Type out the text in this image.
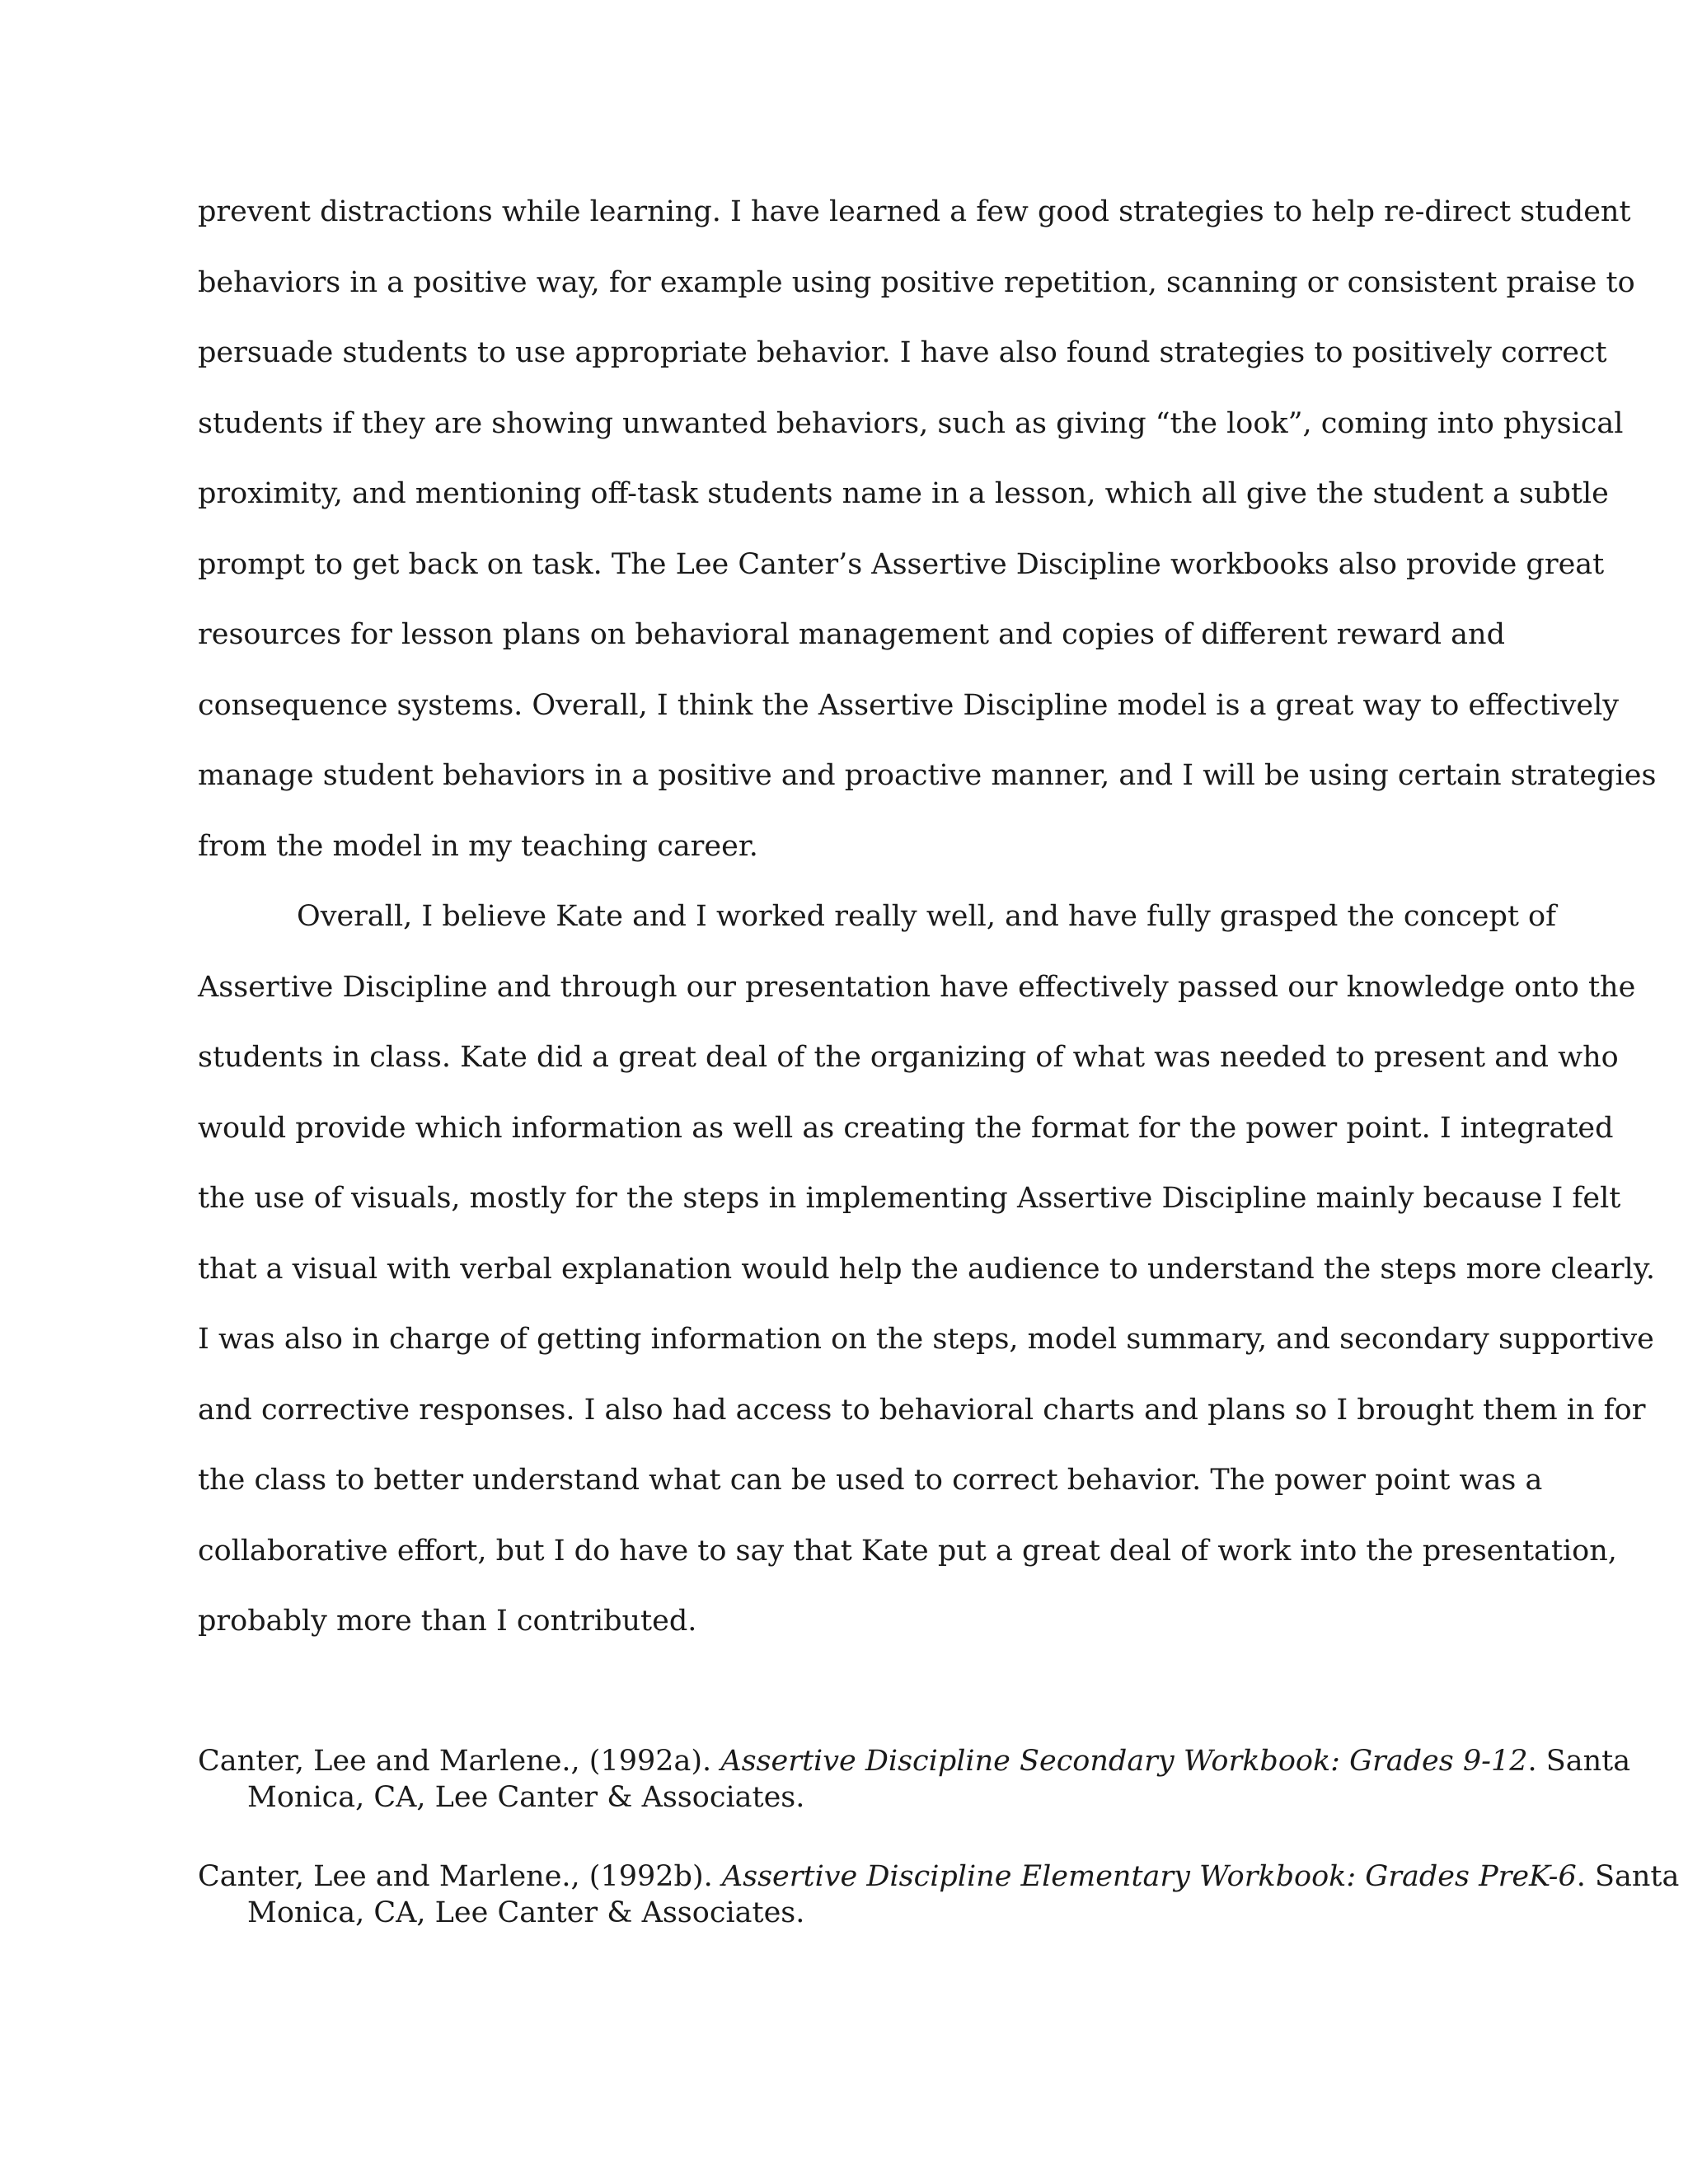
prevent distractions while learning. I have learned a few good strategies to help re-direct student
behaviors in a positive way, for example using positive repetition, scanning or consistent praise to
persuade students to use appropriate behavior. I have also found strategies to positively correct
students if they are showing unwanted behaviors, such as giving “the look”, coming into physical
proximity, and mentioning off-task students name in a lesson, which all give the student a subtle
prompt to get back on task. The Lee Canter’s Assertive Discipline workbooks also provide great
resources for lesson plans on behavioral management and copies of different reward and
consequence systems. Overall, I think the Assertive Discipline model is a great way to effectively
manage student behaviors in a positive and proactive manner, and I will be using certain strategies
from the model in my teaching career.
Overall, I believe Kate and I worked really well, and have fully grasped the concept of
Assertive Discipline and through our presentation have effectively passed our knowledge onto the
students in class. Kate did a great deal of the organizing of what was needed to present and who
would provide which information as well as creating the format for the power point. I integrated
the use of visuals, mostly for the steps in implementing Assertive Discipline mainly because I felt
that a visual with verbal explanation would help the audience to understand the steps more clearly.
I was also in charge of getting information on the steps, model summary, and secondary supportive
and corrective responses. I also had access to behavioral charts and plans so I brought them in for
the class to better understand what can be used to correct behavior. The power point was a
collaborative effort, but I do have to say that Kate put a great deal of work into the presentation,
probably more than I contributed.
Canter, Lee and Marlene., (1992a). Assertive Discipline Secondary Workbook: Grades 9-12. Santa
Monica, CA, Lee Canter & Associates.
Canter, Lee and Marlene., (1992b). Assertive Discipline Elementary Workbook: Grades PreK-6. Santa
Monica, CA, Lee Canter & Associates.
